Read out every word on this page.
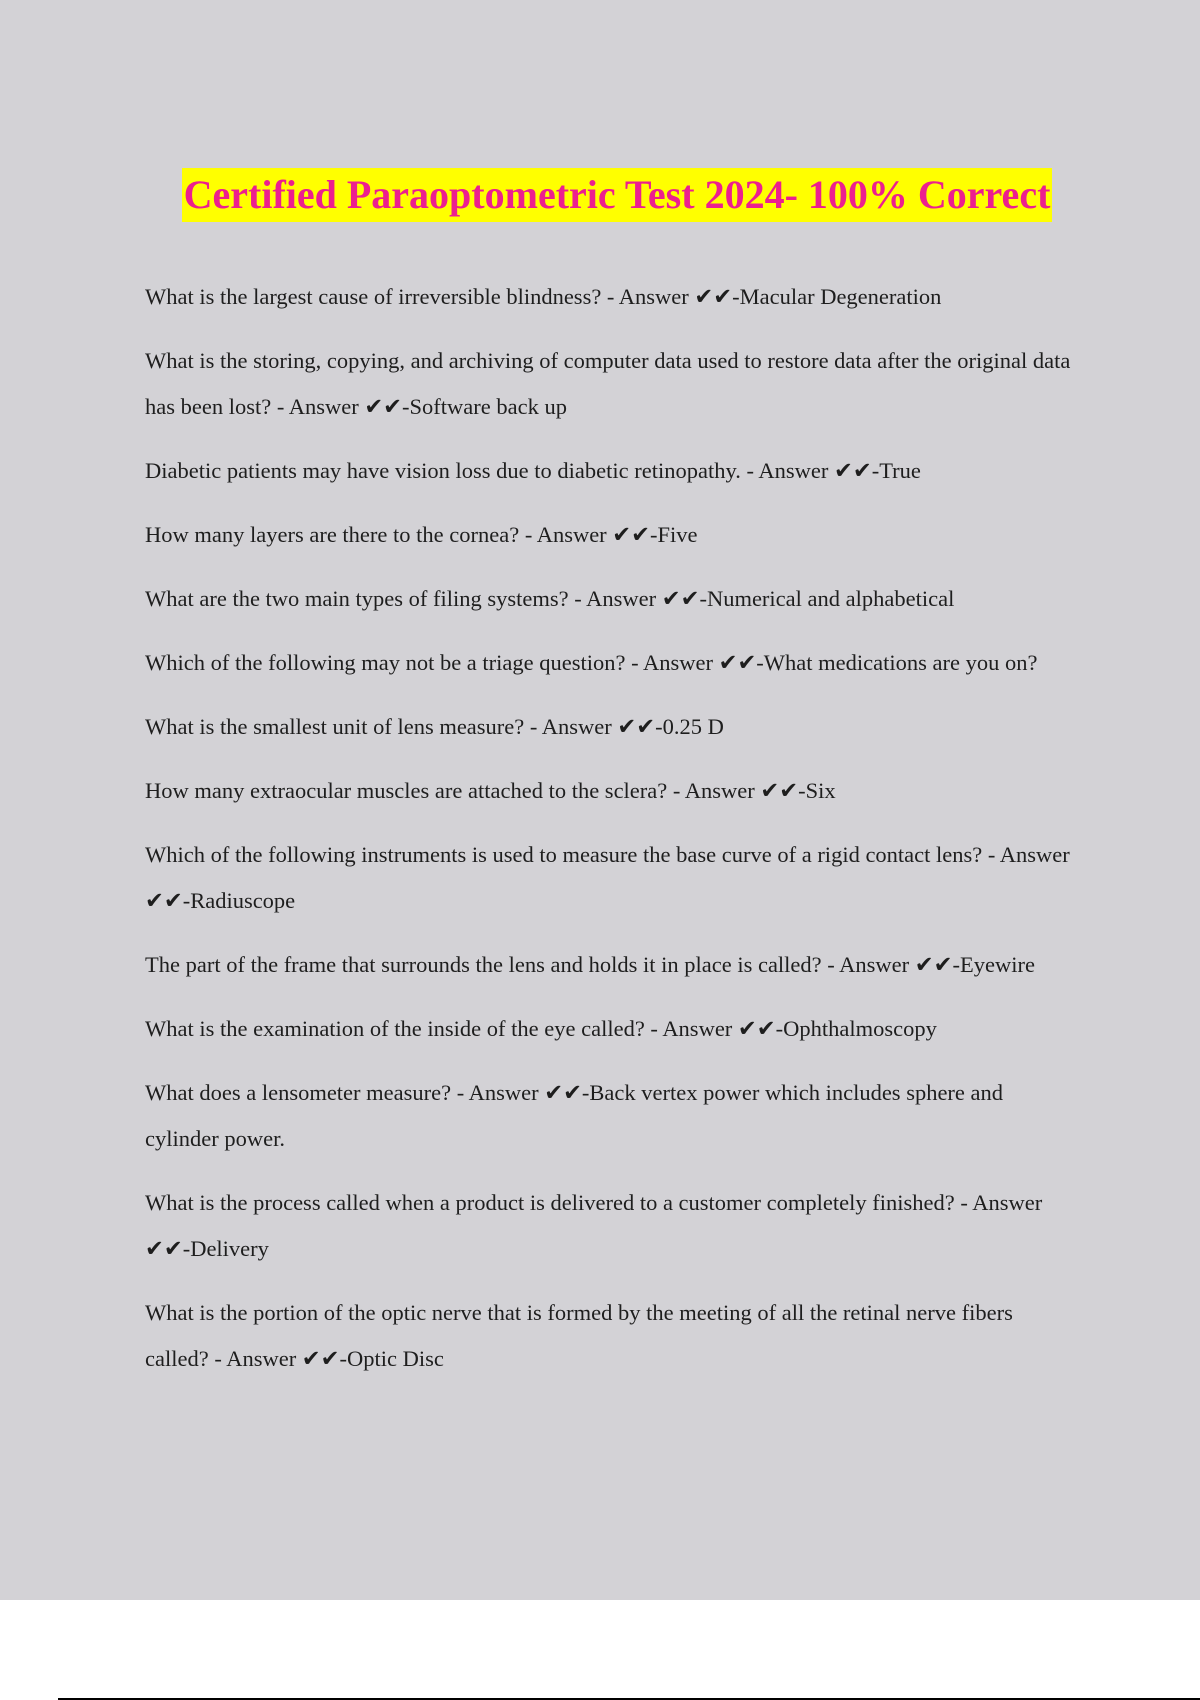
Certified Paraoptometric Test 2024- 100% Correct
What is the largest cause of irreversible blindness? - Answer ✔✔-Macular Degeneration
What is the storing, copying, and archiving of computer data used to restore data after the original data has been lost? - Answer ✔✔-Software back up
Diabetic patients may have vision loss due to diabetic retinopathy. - Answer ✔✔-True
How many layers are there to the cornea? - Answer ✔✔-Five
What are the two main types of filing systems? - Answer ✔✔-Numerical and alphabetical
Which of the following may not be a triage question? - Answer ✔✔-What medications are you on?
What is the smallest unit of lens measure? - Answer ✔✔-0.25 D
How many extraocular muscles are attached to the sclera? - Answer ✔✔-Six
Which of the following instruments is used to measure the base curve of a rigid contact lens? - Answer ✔✔-Radiuscope
The part of the frame that surrounds the lens and holds it in place is called? - Answer ✔✔-Eyewire
What is the examination of the inside of the eye called? - Answer ✔✔-Ophthalmoscopy
What does a lensometer measure? - Answer ✔✔-Back vertex power which includes sphere and cylinder power.
What is the process called when a product is delivered to a customer completely finished? - Answer ✔✔-Delivery
What is the portion of the optic nerve that is formed by the meeting of all the retinal nerve fibers called? - Answer ✔✔-Optic Disc
